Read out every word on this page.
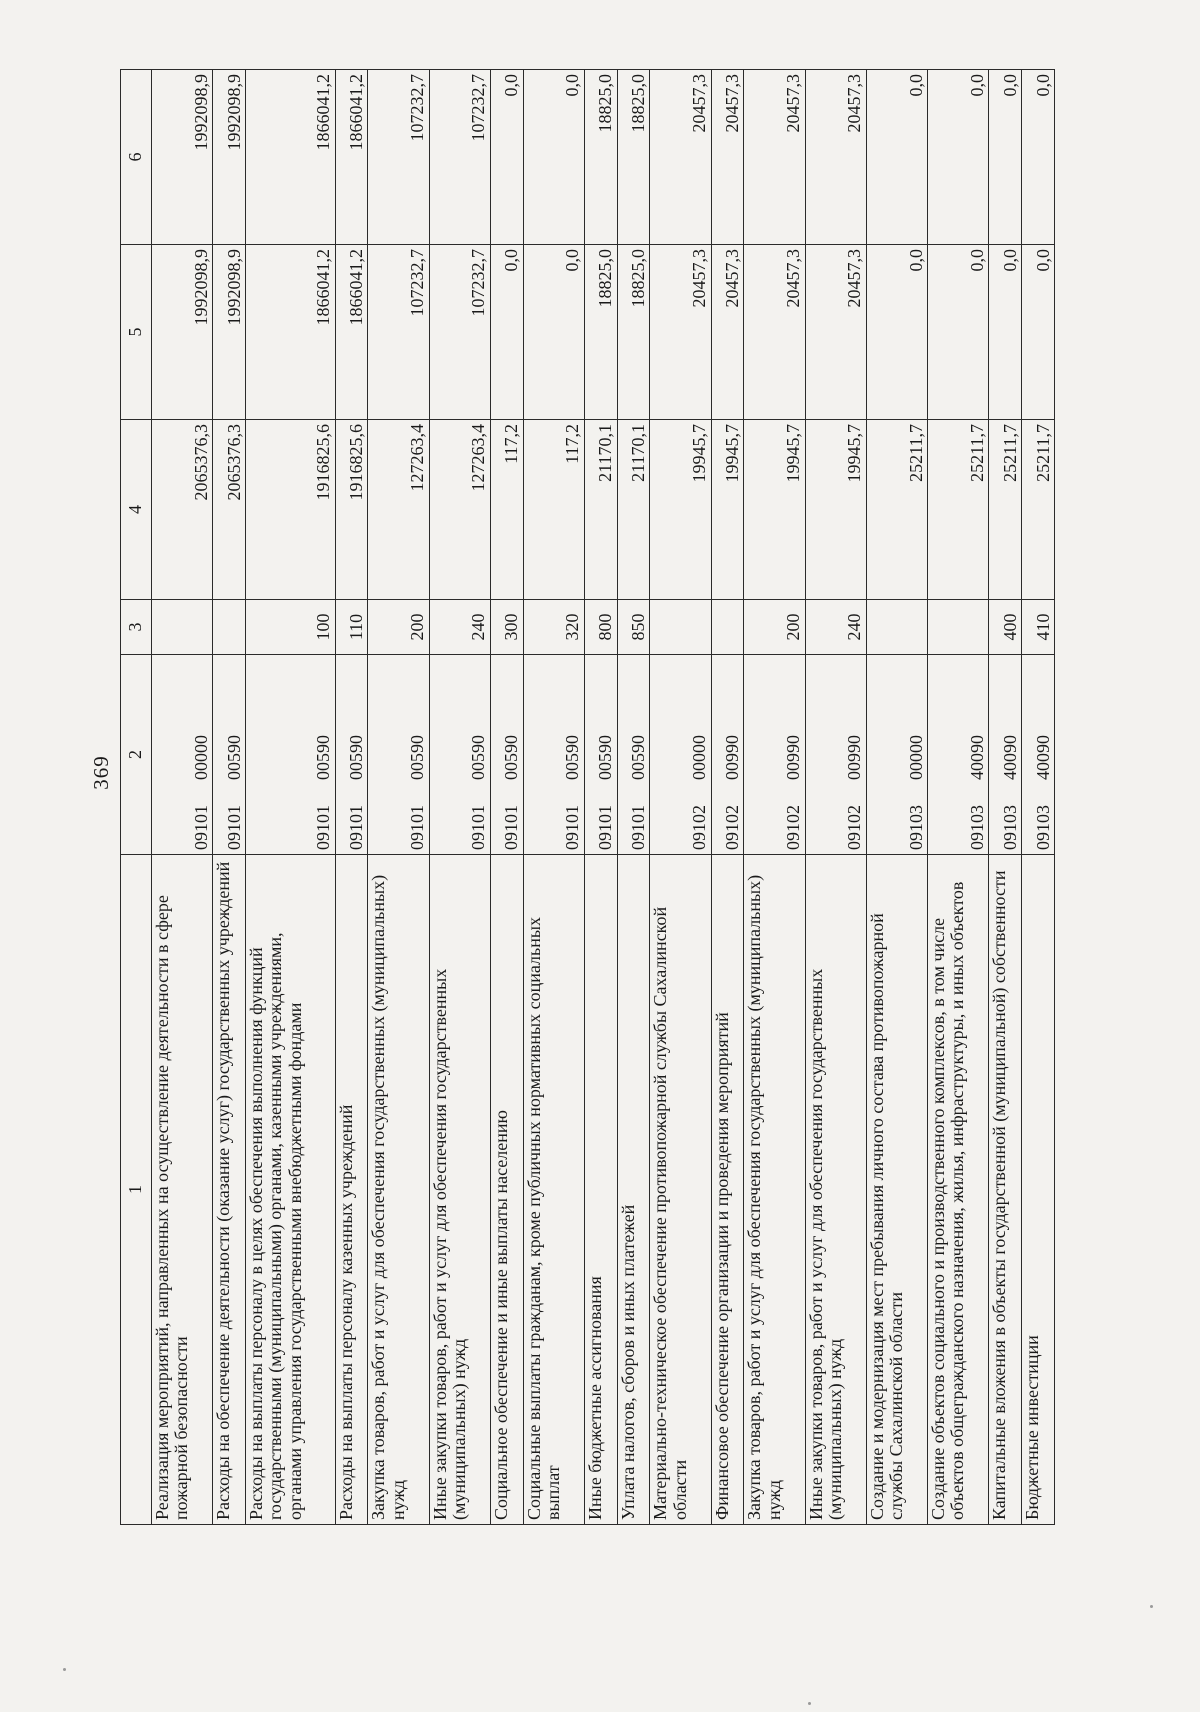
369
1	2	3	4	5	6
Реализация мероприятий, направленных на осуществление деятельности в сфере пожарной безопасности	0910100000		2065376,3	1992098,9	1992098,9
Расходы на обеспечение деятельности (оказание услуг) государственных учреждений	0910100590		2065376,3	1992098,9	1992098,9
Расходы на выплаты персоналу в целях обеспечения выполнения функций государственными (муниципальными) органами, казенными учреждениями, органами управления государственными внебюджетными фондами	0910100590	100	1916825,6	1866041,2	1866041,2
Расходы на выплаты персоналу казенных учреждений	0910100590	110	1916825,6	1866041,2	1866041,2
Закупка товаров, работ и услуг для обеспечения государственных (муниципальных) нужд	0910100590	200	127263,4	107232,7	107232,7
Иные закупки товаров, работ и услуг для обеспечения государственных (муниципальных) нужд	0910100590	240	127263,4	107232,7	107232,7
Социальное обеспечение и иные выплаты населению	0910100590	300	117,2	0,0	0,0
Социальные выплаты гражданам, кроме публичных нормативных социальных выплат	0910100590	320	117,2	0,0	0,0
Иные бюджетные ассигнования	0910100590	800	21170,1	18825,0	18825,0
Уплата налогов, сборов и иных платежей	0910100590	850	21170,1	18825,0	18825,0
Материально-техническое обеспечение противопожарной службы Сахалинской области	0910200000		19945,7	20457,3	20457,3
Финансовое обеспечение организации и проведения мероприятий	0910200990		19945,7	20457,3	20457,3
Закупка товаров, работ и услуг для обеспечения государственных (муниципальных) нужд	0910200990	200	19945,7	20457,3	20457,3
Иные закупки товаров, работ и услуг для обеспечения государственных (муниципальных) нужд	0910200990	240	19945,7	20457,3	20457,3
Создание и модернизация мест пребывания личного состава противопожарной службы Сахалинской области	0910300000		25211,7	0,0	0,0
Создание объектов социального и производственного комплексов, в том числе объектов общегражданского назначения, жилья, инфраструктуры, и иных объектов	0910340090		25211,7	0,0	0,0
Капитальные вложения в объекты государственной (муниципальной) собственности	0910340090	400	25211,7	0,0	0,0
Бюджетные инвестиции	0910340090	410	25211,7	0,0	0,0
